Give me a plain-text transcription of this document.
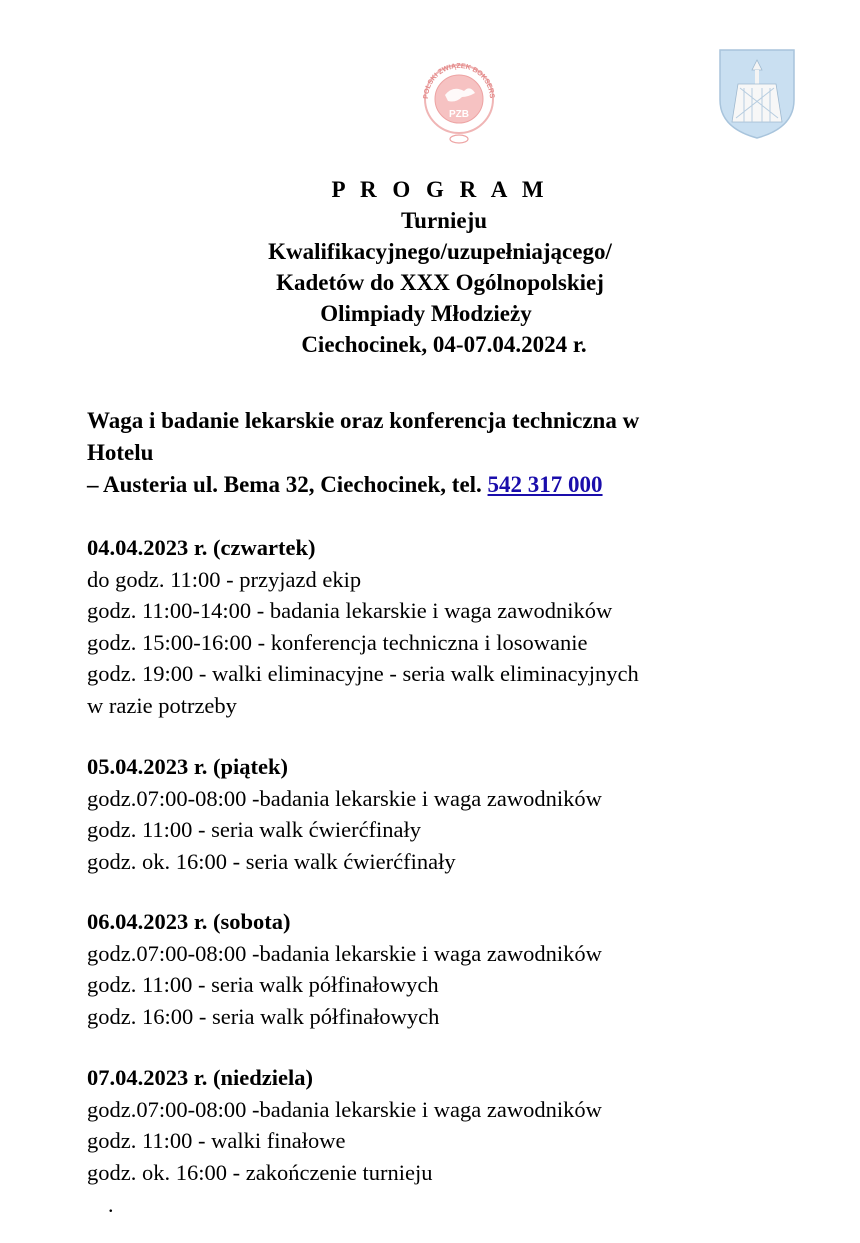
POLSKI ZWIĄZEK BOKSERS
PZB
P R O G R A M
Turnieju
Kwalifikacyjnego/uzupełniającego/
Kadetów do XXX Ogólnopolskiej
Olimpiady Młodzieży
Ciechocinek, 04-07.04.2024 r.
Waga i badanie lekarskie oraz konferencja techniczna w
Hotelu
– Austeria ul. Bema 32, Ciechocinek, tel. 542 317 000
04.04.2023 r. (czwartek)
do godz. 11:00 - przyjazd ekip
godz. 11:00-14:00 - badania lekarskie i waga zawodników
godz. 15:00-16:00 - konferencja techniczna i losowanie
godz. 19:00 - walki eliminacyjne - seria walk eliminacyjnych
w razie potrzeby
05.04.2023 r. (piątek)
godz.07:00-08:00 -badania lekarskie i waga zawodników
godz. 11:00 - seria walk ćwierćfinały
godz. ok. 16:00 - seria walk ćwierćfinały
06.04.2023 r. (sobota)
godz.07:00-08:00 -badania lekarskie i waga zawodników
godz. 11:00 - seria walk półfinałowych
godz. 16:00 - seria walk półfinałowych
07.04.2023 r. (niedziela)
godz.07:00-08:00 -badania lekarskie i waga zawodników
godz. 11:00 - walki finałowe
godz. ok. 16:00 - zakończenie turnieju
.
